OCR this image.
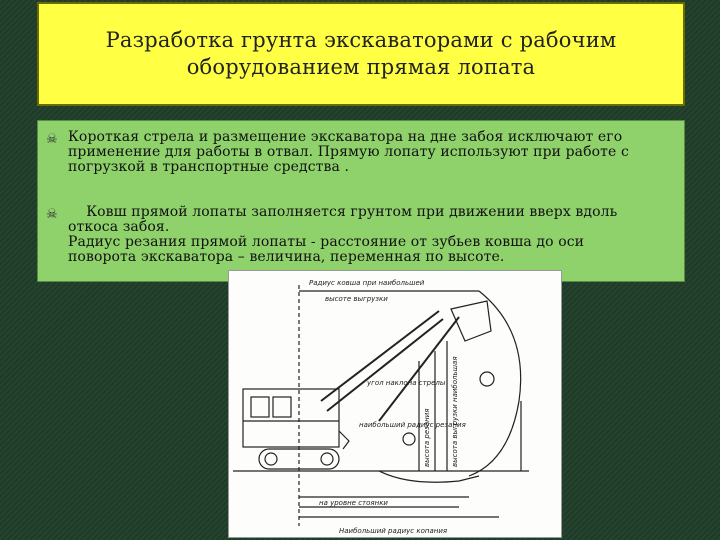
Разработка грунта экскаваторами с рабочим оборудованием прямая лопата
☠ Короткая стрела и размещение экскаватора на дне забоя исключают его
применение для работы в отвал. Прямую лопату используют при работе с
погрузкой в транспортные средства .

☠ Ковш прямой лопаты заполняется грунтом при движении вверх вдоль
откоса забоя.
Радиус резания прямой лопаты - расстояние от зубьев ковша до оси
поворота экскаватора – величина, переменная по высоте.

Радиус ковша при наибольшей
высоте выгрузки
угол наклона стрелы
наибольший радиус резания
высота резания	высота выгрузки наибольшая
на уровне стоянки
Наибольший радиус копания
